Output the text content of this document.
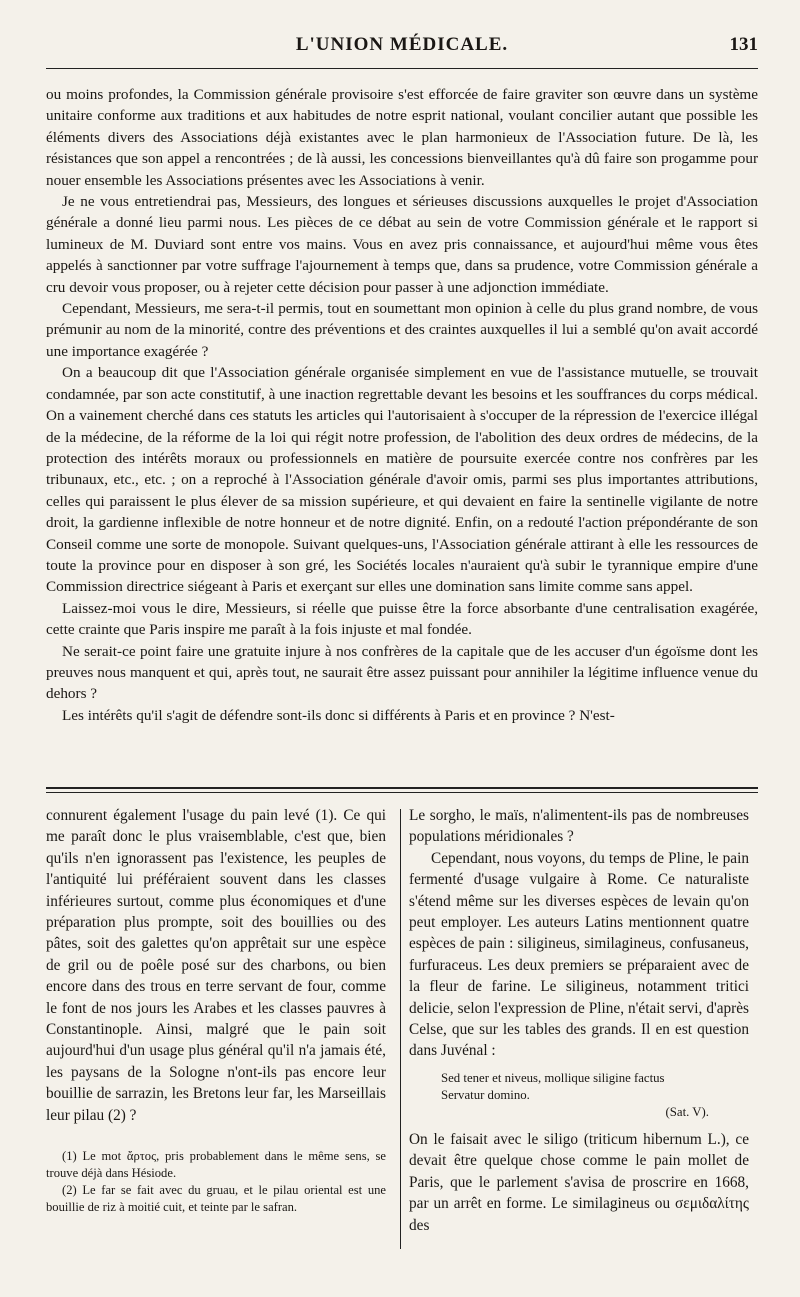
L'UNION MÉDICALE.	131

ou moins profondes, la Commission générale provisoire s'est efforcée de faire graviter son œuvre dans un système unitaire conforme aux traditions et aux habitudes de notre esprit national, voulant concilier autant que possible les éléments divers des Associations déjà existantes avec le plan harmonieux de l'Association future. De là, les résistances que son appel a rencontrées ; de là aussi, les concessions bienveillantes qu'à dû faire son progamme pour nouer ensemble les Associations présentes avec les Associations à venir.

Je ne vous entretiendrai pas, Messieurs, des longues et sérieuses discussions auxquelles le projet d'Association générale a donné lieu parmi nous. Les pièces de ce débat au sein de votre Commission générale et le rapport si lumineux de M. Duviard sont entre vos mains. Vous en avez pris connaissance, et aujourd'hui même vous êtes appelés à sanctionner par votre suffrage l'ajournement à temps que, dans sa prudence, votre Commission générale a cru devoir vous proposer, ou à rejeter cette décision pour passer à une adjonction immédiate.

Cependant, Messieurs, me sera-t-il permis, tout en soumettant mon opinion à celle du plus grand nombre, de vous prémunir au nom de la minorité, contre des préventions et des craintes auxquelles il lui a semblé qu'on avait accordé une importance exagérée ?

On a beaucoup dit que l'Association générale organisée simplement en vue de l'assistance mutuelle, se trouvait condamnée, par son acte constitutif, à une inaction regrettable devant les besoins et les souffrances du corps médical. On a vainement cherché dans ces statuts les articles qui l'autorisaient à s'occuper de la répression de l'exercice illégal de la médecine, de la réforme de la loi qui régit notre profession, de l'abolition des deux ordres de médecins, de la protection des intérêts moraux ou professionnels en matière de poursuite exercée contre nos confrères par les tribunaux, etc., etc. ; on a reproché à l'Association générale d'avoir omis, parmi ses plus importantes attributions, celles qui paraissent le plus élever de sa mission supérieure, et qui devaient en faire la sentinelle vigilante de notre droit, la gardienne inflexible de notre honneur et de notre dignité. Enfin, on a redouté l'action prépondérante de son Conseil comme une sorte de monopole. Suivant quelques-uns, l'Association générale attirant à elle les ressources de toute la province pour en disposer à son gré, les Sociétés locales n'auraient qu'à subir le tyrannique empire d'une Commission directrice siégeant à Paris et exerçant sur elles une domination sans limite comme sans appel.

Laissez-moi vous le dire, Messieurs, si réelle que puisse être la force absorbante d'une centralisation exagérée, cette crainte que Paris inspire me paraît à la fois injuste et mal fondée.

Ne serait-ce point faire une gratuite injure à nos confrères de la capitale que de les accuser d'un égoïsme dont les preuves nous manquent et qui, après tout, ne saurait être assez puissant pour annihiler la légitime influence venue du dehors ?

Les intérêts qu'il s'agit de défendre sont-ils donc si différents à Paris et en province ? N'est-

connurent également l'usage du pain levé (1). Ce qui me paraît donc le plus vraisemblable, c'est que, bien qu'ils n'en ignorassent pas l'existence, les peuples de l'antiquité lui préféraient souvent dans les classes inférieures surtout, comme plus économiques et d'une préparation plus prompte, soit des bouillies ou des pâtes, soit des galettes qu'on apprêtait sur une espèce de gril ou de poêle posé sur des charbons, ou bien encore dans des trous en terre servant de four, comme le font de nos jours les Arabes et les classes pauvres à Constantinople. Ainsi, malgré que le pain soit aujourd'hui d'un usage plus général qu'il n'a jamais été, les paysans de la Sologne n'ont-ils pas encore leur bouillie de sarrazin, les Bretons leur far, les Marseillais leur pilau (2) ?

(1) Le mot ἄρτος, pris probablement dans le même sens, se trouve déjà dans Hésiode.

(2) Le far se fait avec du gruau, et le pilau oriental est une bouillie de riz à moitié cuit, et teinte par le safran.

Le sorgho, le maïs, n'alimentent-ils pas de nombreuses populations méridionales ?

Cependant, nous voyons, du temps de Pline, le pain fermenté d'usage vulgaire à Rome. Ce naturaliste s'étend même sur les diverses espèces de levain qu'on peut employer. Les auteurs Latins mentionnent quatre espèces de pain : siligineus, similagineus, confusaneus, furfuraceus. Les deux premiers se préparaient avec de la fleur de farine. Le siligineus, notamment tritici delicie, selon l'expression de Pline, n'était servi, d'après Celse, que sur les tables des grands. Il en est question dans Juvénal :

Sed tener et niveus, mollique siligine factus
Servatur domino.
(Sat. V).

On le faisait avec le siligo (triticum hibernum L.), ce devait être quelque chose comme le pain mollet de Paris, que le parlement s'avisa de proscrire en 1668, par un arrêt en forme. Le similagineus ou σεμιδαλίτης des
